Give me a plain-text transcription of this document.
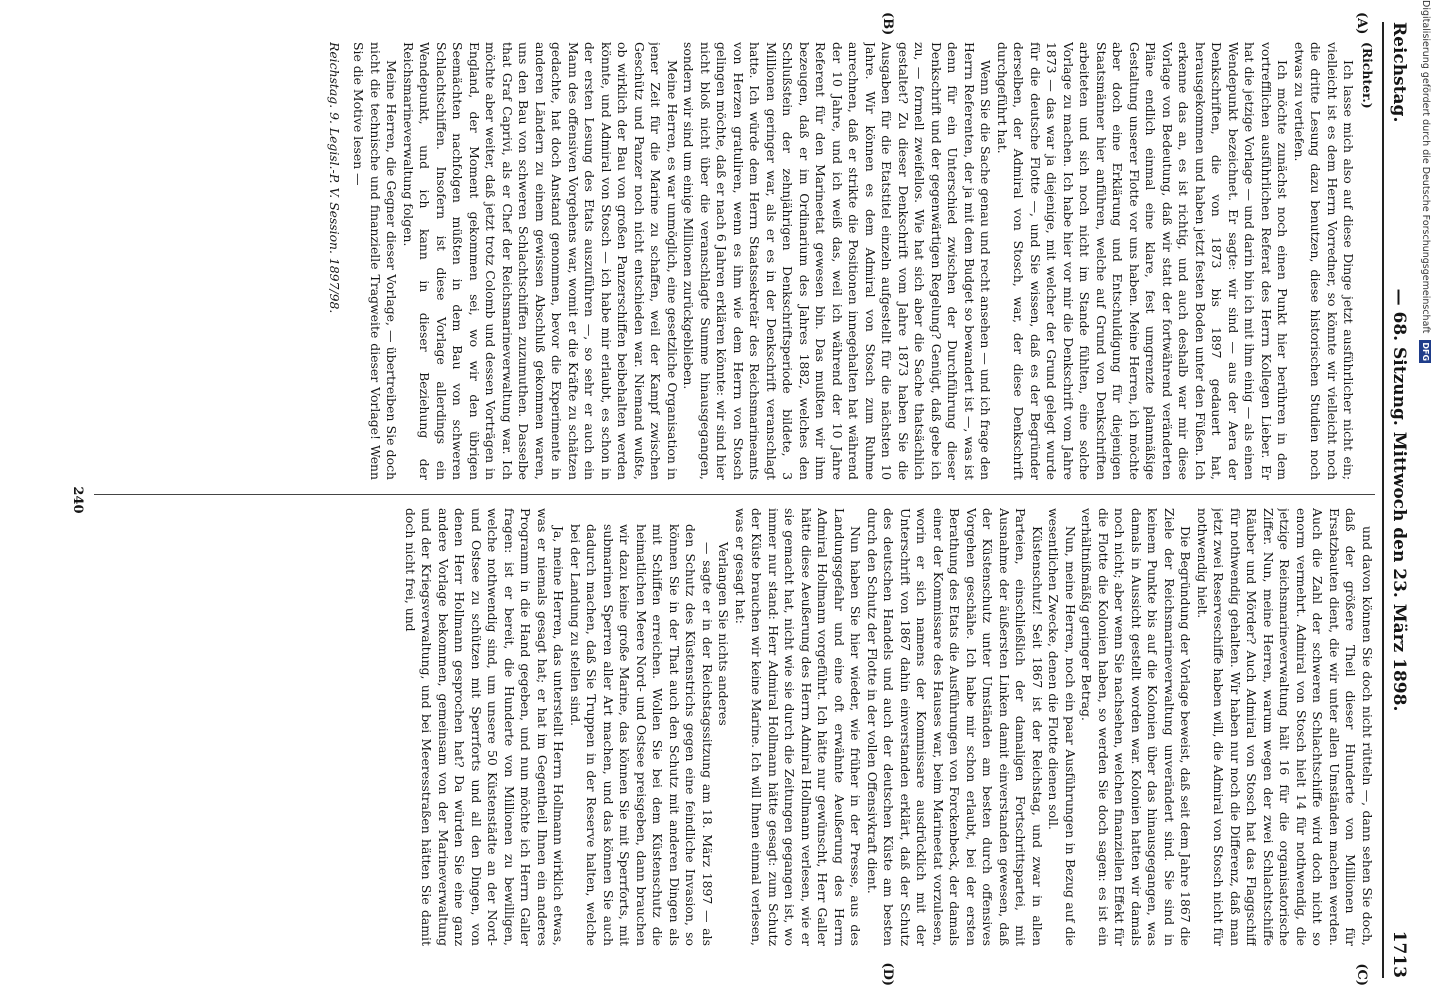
Reichstag.
— 68. Sitzung. Mittwoch den 23. März 1898.
1713
(A)
(B)
(C)
(D)
(Richter.)

Ich lasse mich also auf diese Dinge jetzt ausführlicher nicht ein; vielleicht ist es dem Herrn Vorredner, so könnte wir vielleicht noch die dritte Lesung dazu benutzen, diese historischen Studien noch etwas zu vertiefen.

Ich möchte zunächst noch einen Punkt hier berühren in dem vortrefflichen ausführlichen Referat des Herrn Kollegen Lieber. Er hat die jetzige Vorlage — und darin bin ich mit ihm einig — als einen Wendepunkt bezeichnet. Er sagte: wir sind — aus der Aera der Denkschriften, die von 1873 bis 1897 gedauert hat, herausgekommen und haben jetzt festen Boden unter den Füßen. Ich erkenne das an, es ist richtig, und auch deshalb war mir diese Vorlage von Bedeutung, daß wir statt der fortwährend veränderten Pläne endlich einmal eine klare, fest umgrenzte planmäßige Gestaltung unserer Flotte vor uns haben. Meine Herren, ich möchte aber doch eine Erklärung und Entschuldigung für diejenigen Staatsmänner hier anführen, welche auf Grund von Denkschriften arbeiteten und sich noch nicht im Stande fühlten, eine solche Vorlage zu machen. Ich habe hier vor mir die Denkschrift vom Jahre 1873 — das war ja diejenige, mit welcher der Grund gelegt wurde für die deutsche Flotte —, und Sie wissen, daß es der Begründer derselben, der Admiral von Stosch, war, der diese Denkschrift durchgeführt hat.

Wenn Sie die Sache genau und recht ansehen — und ich frage den Herrn Referenten, der ja mit dem Budget so bewandert ist —, was ist denn für ein Unterschied zwischen der Durchführung dieser Denkschrift und der gegenwärtigen Regelung? Genügt, daß gebe ich zu, — formell zweifellos. Wie hat sich aber die Sache thatsächlich gestaltet? Zu dieser Denkschrift vom Jahre 1873 haben Sie die Ausgaben für die Etatstitel einzeln aufgestellt für die nächsten 10 Jahre. Wir können es dem Admiral von Stosch zum Ruhme anrechnen, daß er strikte die Positionen innegehalten hat während der 10 Jahre, und ich weiß das, weil ich während der 10 Jahre Referent für den Marineetat gewesen bin. Das mußten wir ihm bezeugen, daß er im Ordinarium des Jahres 1882, welches den Schlußstein der zehnjährigen Denkschriftsperiode bildete, 3 Millionen geringer war, als er es in der Denkschrift veranschlagt hatte. Ich würde dem Herrn Staatssekretär des Reichsmarineamts von Herzen gratuliren, wenn es ihm wie dem Herrn von Stosch gelingen möchte, daß er nach 6 Jahren erklären könnte: wir sind hier nicht bloß nicht über die veranschlagte Summe hinausgegangen, sondern wir sind um einige Millionen zurückgeblieben.

Meine Herren, es war unmöglich, eine gesetzliche Organisation in jener Zeit für die Marine zu schaffen, weil der Kampf zwischen Geschütz und Panzer noch nicht entschieden war. Niemand wußte, ob wirklich der Bau von großen Panzerschiffen beibehalten werden könnte, und Admiral von Stosch — ich habe mir erlaubt, es schon in der ersten Lesung des Etats auszuführen —, so sehr er auch ein Mann des offensiven Vorgehens war, womit er die Kräfte zu schätzen gedachte, hat doch Anstand genommen, bevor die Experimente in anderen Ländern zu einem gewissen Abschluß gekommen waren, uns den Bau von schweren Schlachtschiffen zuzumuthen. Dasselbe that Graf Caprivi, als er Chef der Reichsmarineverwaltung war. Ich möchte aber weiter, daß jetzt trotz Colomb und dessen Vorträgen in England, der Moment gekommen sei, wo wir den übrigen Seemächten nachfolgen müßten in dem Bau von schweren Schlachtschiffen. Insofern ist diese Vorlage allerdings ein Wendepunkt, und ich kann in dieser Beziehung der Reichsmarineverwaltung folgen.

Meine Herren, die Gegner dieser Vorlage, — übertreiben Sie doch nicht die technische und finanzielle Tragweite dieser Vorlage! Wenn Sie die Motive lesen —

Reichstag. 9. Legisl.-P. V. Session. 1897/98.

und davon können Sie doch nicht rütteln —, dann sehen Sie doch, daß der größere Theil dieser Hunderte von Millionen für Ersatzbauten dient, die wir unter allen Umständen machen werden. Auch die Zahl der schweren Schlachtschiffe wird doch nicht so enorm vermehrt. Admiral von Stosch hielt 14 für nothwendig, die jetzige Reichsmarineverwaltung hält 16 für die organisatorische Ziffer. Nun, meine Herren, warum wegen der zwei Schlachtschiffe Räuber und Mörder? Auch Admiral von Stosch hat das Flaggschiff für nothwendig gehalten. Wir haben nur noch die Differenz, daß man jetzt zwei Reserveschiffe haben will, die Admiral von Stosch nicht für nothwendig hielt.

Die Begründung der Vorlage beweist, daß seit dem Jahre 1867 die Ziele der Reichsmarineverwaltung unverändert sind. Sie sind in keinem Punkte bis auf die Kolonien über das hinausgegangen, was damals in Aussicht gestellt worden war. Kolonien hatten wir damals noch nicht; aber wenn Sie nachsehen, welchen finanziellen Effekt für die Flotte die Kolonien haben, so werden Sie doch sagen: es ist ein verhältnißmäßig geringer Betrag.

Nun, meine Herren, noch ein paar Ausführungen in Bezug auf die wesentlichen Zwecke, denen die Flotte dienen soll.

Küstenschutz! Seit 1867 ist der Reichstag, und zwar in allen Parteien, einschließlich der damaligen Fortschrittspartei, mit Ausnahme der äußersten Linken damit einverstanden gewesen, daß der Küstenschutz unter Umständen am besten durch offensives Vorgehen geschähe. Ich habe mir schon erlaubt, bei der ersten Berathung des Etats die Ausführungen von Forckenbeck, der damals einer der Kommissare des Hauses war, beim Marineetat vorzulesen, worin er sich namens der Kommissare ausdrücklich mit der Unterschrift von 1867 dahin einverstanden erklärt, daß der Schutz des deutschen Handels und auch der deutschen Küste am besten durch den Schutz der Flotte in der vollen Offensivkraft dient.

Nun haben Sie hier wieder, wie früher in der Presse, aus des Landungsgefahr und eine oft erwähnte Aeußerung des Herrn Admiral Hollmann vorgeführt. Ich hätte nur gewünscht, Herr Galler hätte diese Aeußerung des Herrn Admiral Hollmann verlesen, wie er sie gemacht hat, nicht wie sie durch die Zeitungen gegangen ist, wo immer nur stand: Herr Admiral Hollmann hätte gesagt: zum Schutz der Küste brauchen wir keine Marine. Ich will Ihnen einmal verlesen, was er gesagt hat:

Verlangen Sie nichts anderes

— sagte er in der Reichstagssitzung am 18. März 1897 — als den Schutz des Küstenstrichs gegen eine feindliche Invasion, so können Sie in der That auch den Schutz mit anderen Dingen als mit Schiffen erreichen. Wollen Sie bei dem Küstenschutz die heimatlichen Meere Nord- und Ostsee preisgeben, dann brauchen wir dazu keine große Marine, das können Sie mit Sperrforts, mit submarinen Sperren aller Art machen, und das können Sie auch dadurch machen, daß Sie Truppen in der Reserve halten, welche bei der Landung zu stellen sind.

Ja, meine Herren, das unterstellt Herrn Hollmann wirklich etwas, was er niemals gesagt hat; er hat im Gegentheil Ihnen ein anderes Programm in die Hand gegeben, und nun möchte ich Herrn Galler fragen: ist er bereit, die Hunderte von Millionen zu bewilligen, welche nothwendig sind, um unsere 50 Küstenstädte an der Nord- und Ostsee zu schützen mit Sperrforts und all den Dingen, von denen Herr Hollmann gesprochen hat? Da würden Sie eine ganz andere Vorlage bekommen, gemeinsam von der Marineverwaltung und der Kriegsverwaltung, und bei Meeresstraßen hätten Sie damit doch nicht frei, und

240
Digitalisierung gefördert durch die Deutsche Forschungsgemeinschaft DFG
